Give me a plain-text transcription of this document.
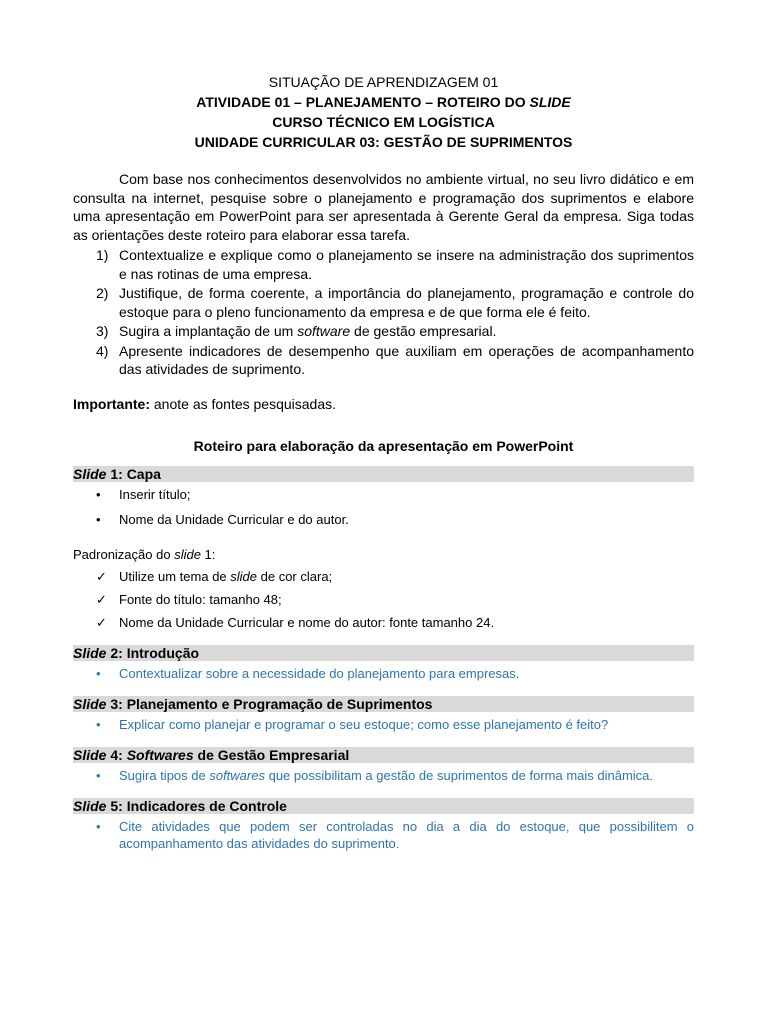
SITUAÇÃO DE APRENDIZAGEM 01

ATIVIDADE 01 – PLANEJAMENTO – ROTEIRO DO SLIDE

CURSO TÉCNICO EM LOGÍSTICA

UNIDADE CURRICULAR 03: GESTÃO DE SUPRIMENTOS

Com base nos conhecimentos desenvolvidos no ambiente virtual, no seu livro didático e em consulta na internet, pesquise sobre o planejamento e programação dos suprimentos e elabore uma apresentação em PowerPoint para ser apresentada à Gerente Geral da empresa. Siga todas as orientações deste roteiro para elaborar essa tarefa.

1) Contextualize e explique como o planejamento se insere na administração dos suprimentos e nas rotinas de uma empresa.
2) Justifique, de forma coerente, a importância do planejamento, programação e controle do estoque para o pleno funcionamento da empresa e de que forma ele é feito.
3) Sugira a implantação de um software de gestão empresarial.
4) Apresente indicadores de desempenho que auxiliam em operações de acompanhamento das atividades de suprimento.

Importante: anote as fontes pesquisadas.

Roteiro para elaboração da apresentação em PowerPoint

Slide 1: Capa
• Inserir título;
• Nome da Unidade Curricular e do autor.

Padronização do slide 1:

✓ Utilize um tema de slide de cor clara;
✓ Fonte do título: tamanho 48;
✓ Nome da Unidade Curricular e nome do autor: fonte tamanho 24.
Slide 2: Introdução
• Contextualizar sobre a necessidade do planejamento para empresas.
Slide 3: Planejamento e Programação de Suprimentos
• Explicar como planejar e programar o seu estoque; como esse planejamento é feito?
Slide 4: Softwares de Gestão Empresarial
• Sugira tipos de softwares que possibilitam a gestão de suprimentos de forma mais dinâmica.
Slide 5: Indicadores de Controle
• Cite atividades que podem ser controladas no dia a dia do estoque, que possibilitem o acompanhamento das atividades do suprimento.
